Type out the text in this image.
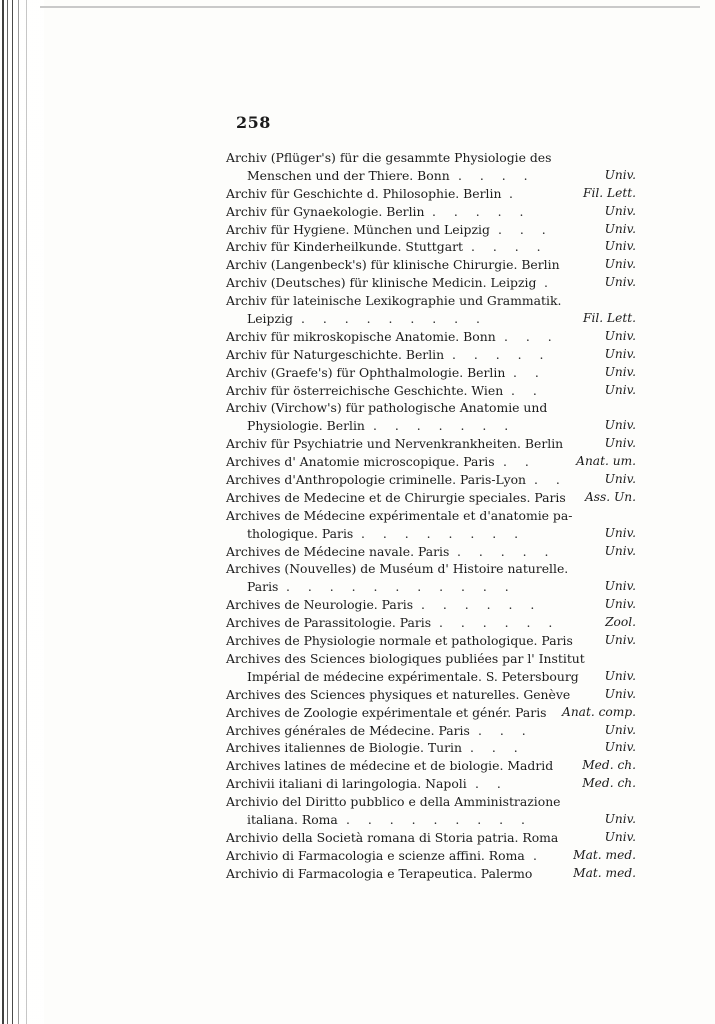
258
Archiv (Pflüger's) für die gesammte Physiologie des
Menschen und der Thiere. Bonn . . . .	Univ.
Archiv für Geschichte d. Philosophie. Berlin .	Fil. Lett.
Archiv für Gynaekologie. Berlin . . . . .	Univ.
Archiv für Hygiene. München und Leipzig . . .	Univ.
Archiv für Kinderheilkunde. Stuttgart . . . .	Univ.
Archiv (Langenbeck's) für klinische Chirurgie. Berlin	Univ.
Archiv (Deutsches) für klinische Medicin. Leipzig .	Univ.
Archiv für lateinische Lexikographie und Grammatik.
Leipzig . . . . . . . . .	Fil. Lett.
Archiv für mikroskopische Anatomie. Bonn . . .	Univ.
Archiv für Naturgeschichte. Berlin . . . . .	Univ.
Archiv (Graefe's) für Ophthalmologie. Berlin . .	Univ.
Archiv für österreichische Geschichte. Wien . .	Univ.
Archiv (Virchow's) für pathologische Anatomie und
Physiologie. Berlin . . . . . . .	Univ.
Archiv für Psychiatrie und Nervenkrankheiten. Berlin	Univ.
Archives d' Anatomie microscopique. Paris . .	Anat. um.
Archives d'Anthropologie criminelle. Paris-Lyon . .	Univ.
Archives de Medecine et de Chirurgie speciales. Paris Ass. Un.
Archives de Médecine expérimentale et d'anatomie pa-
thologique. Paris . . . . . . . .	Univ.
Archives de Médecine navale. Paris . . . . .	Univ.
Archives (Nouvelles) de Muséum d' Histoire naturelle.
Paris . . . . . . . . . . .	Univ.
Archives de Neurologie. Paris . . . . . .	Univ.
Archives de Parassitologie. Paris . . . . . .	Zool.
Archives de Physiologie normale et pathologique. Paris	Univ.
Archives des Sciences biologiques publiées par l' Institut
Impérial de médecine expérimentale. S. Petersbourg Univ.
Archives des Sciences physiques et naturelles. Genève	Univ.
Archives de Zoologie expérimentale et génér. Paris Anat. comp.
Archives générales de Médecine. Paris . . .	Univ.
Archives italiennes de Biologie. Turin . . .	Univ.
Archives latines de médecine et de biologie. Madrid Med. ch.
Archivii italiani di laringologia. Napoli . .	Med. ch.
Archivio del Diritto pubblico e della Amministrazione
italiana. Roma . . . . . . . . .	Univ.
Archivio della Società romana di Storia patria. Roma	Univ.
Archivio di Farmacologia e scienze affini. Roma . Mat. med.
Archivio di Farmacologia e Terapeutica. Palermo	Mat. med.
